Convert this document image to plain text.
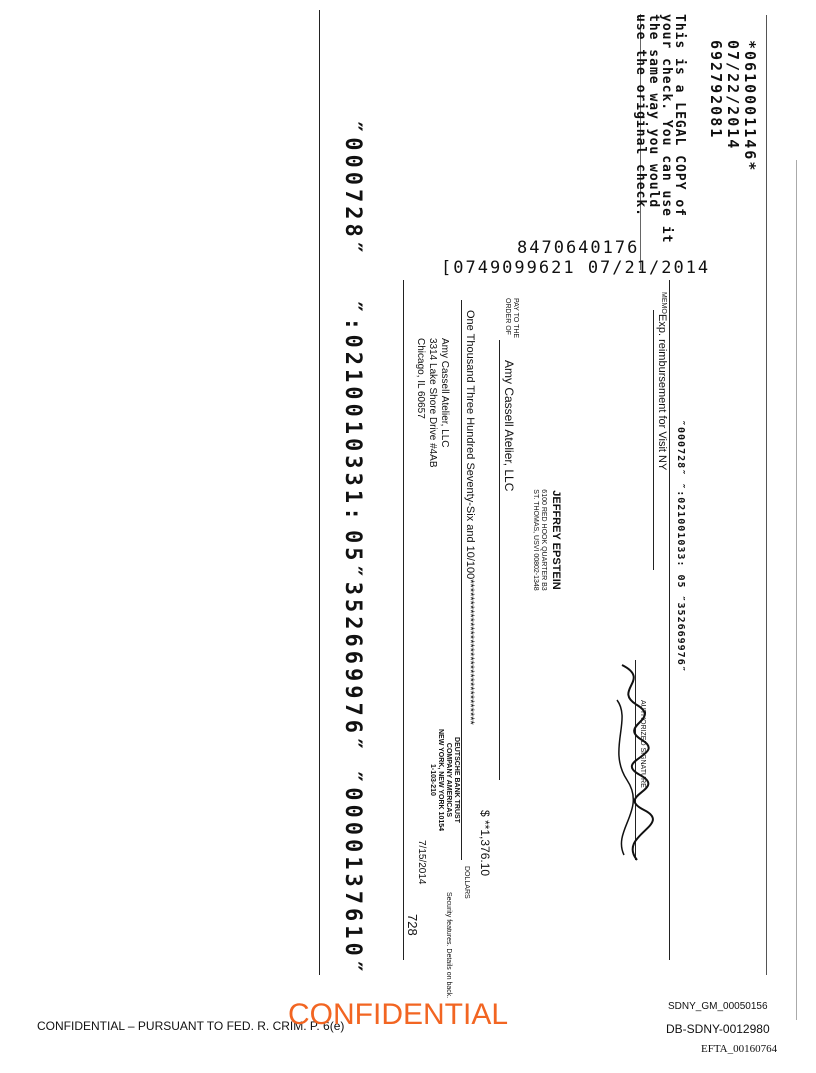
″000728″
″:0210010331:
05″352669976″
″0000137610″
*0610001146*
07/22/2014
692792081
This is a LEGAL COPY of
your check. You can use it
the same way you would
use the original check.
8470640176
[0749099621 07/21/2014
JEFFREY EPSTEIN
6100 RED HOOK QUARTER B3
ST. THOMAS, USVI 00802-1348
DEUTSCHE BANK TRUST
COMPANY AMERICAS
NEW YORK, NEW YORK 10154
1-103-210
728
7/15/2014
PAY TO THE
ORDER OF
Amy Cassell Atelier, LLC
$ **1,376.10
One Thousand Three Hundred Seventy-Six and 10/100**********************************
DOLLARS
Amy Cassell Atelier, LLC
3314 Lake Shore Drive #4AB
Chicago, IL 60657
MEMO
Exp. reimbursement for Visit NY
″000728″ ″:021001033: 05 ″352669976″
AUTHORIZED SIGNATURE
Security features. Details on back.
CONFIDENTIAL – PURSUANT TO FED. R. CRIM. P. 6(e)
CONFIDENTIAL	SDNY_GM_00050156
DB-SDNY-0012980
EFTA_00160764
